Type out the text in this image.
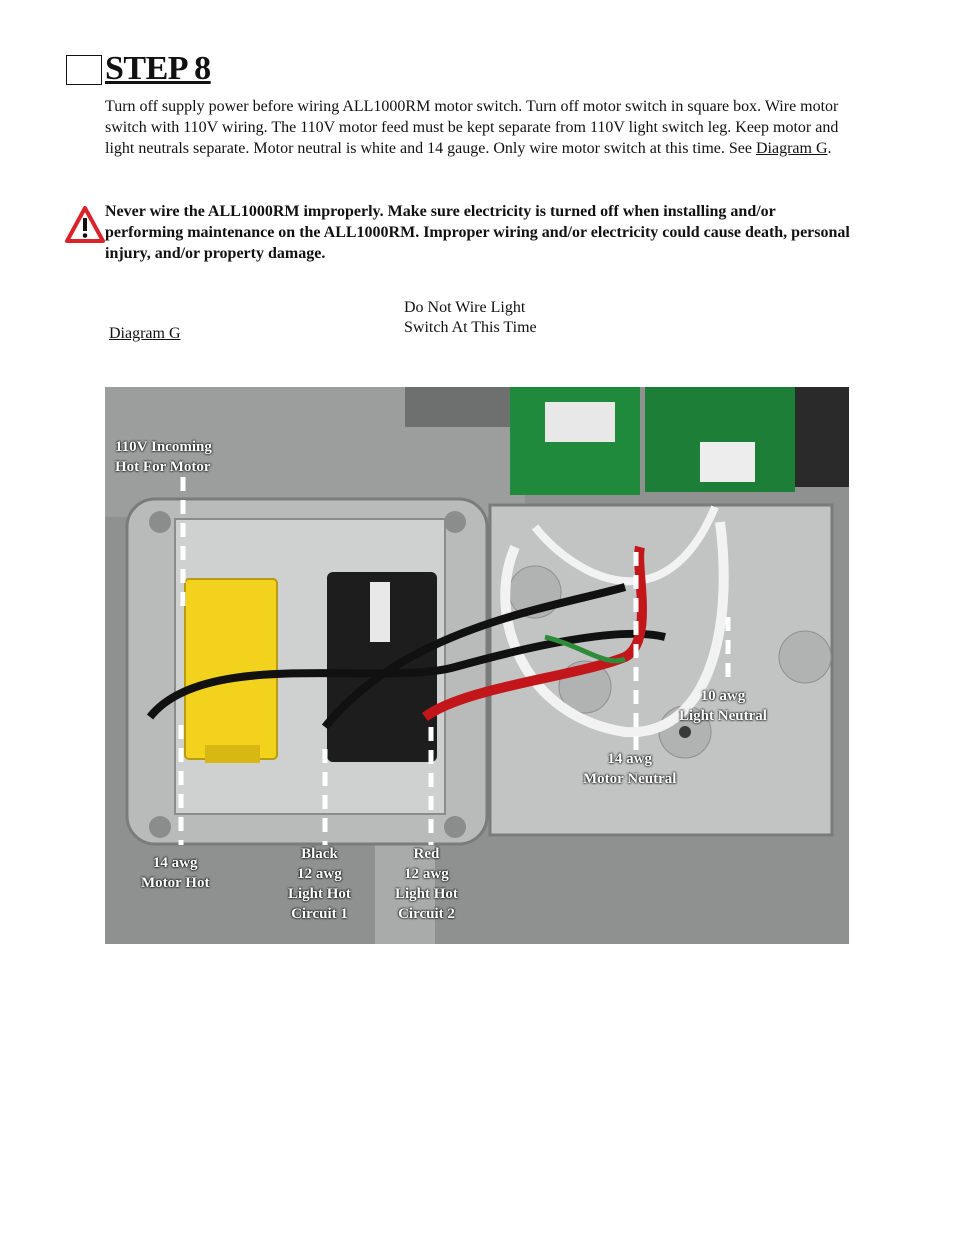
STEP 8

Turn off supply power before wiring ALL1000RM motor switch. Turn off motor switch in square box. Wire motor switch with 110V wiring. The 110V motor feed must be kept separate from 110V light switch leg. Keep motor and light neutrals separate. Motor neutral is white and 14 gauge. Only wire motor switch at this time. See Diagram G.

Never wire the ALL1000RM improperly. Make sure electricity is turned off when installing and/or performing maintenance on the ALL1000RM. Improper wiring and/or electricity could cause death, personal injury, and/or property damage.

Diagram G
Do Not Wire Light
Switch At This Time
110V Incoming
Hot For Motor
10 awg
Light Neutral
14 awg
Motor Neutral
14 awg
Motor Hot
Black
12 awg
Light Hot
Circuit 1
Red
12 awg
Light Hot
Circuit 2
